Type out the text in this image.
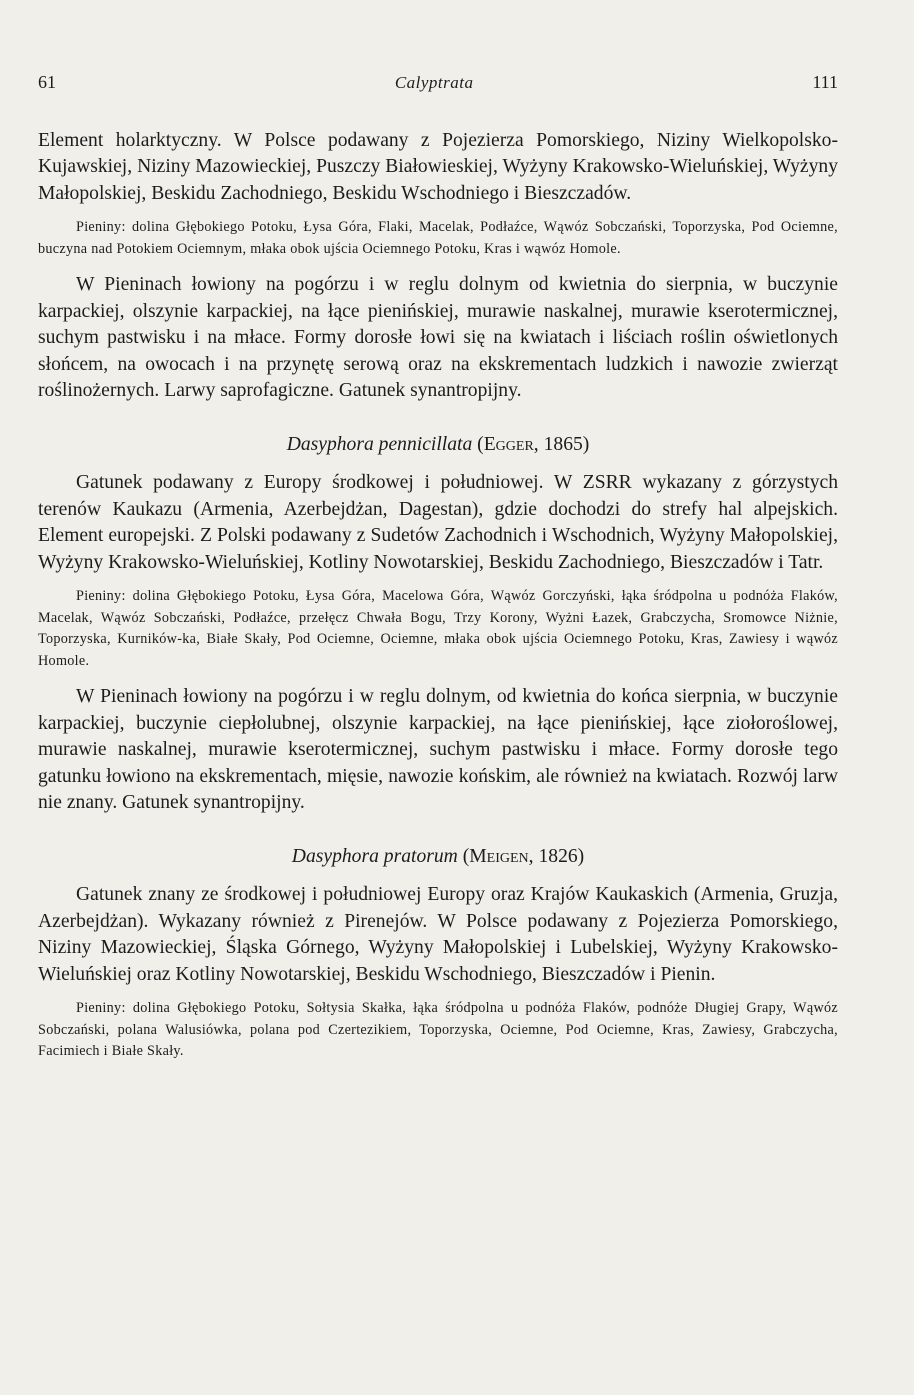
61	Calyptrata	111

Element holarktyczny. W Polsce podawany z Pojezierza Pomorskiego, Niziny Wielkopolsko-Kujawskiej, Niziny Mazowieckiej, Puszczy Białowieskiej, Wyżyny Krakowsko-Wieluńskiej, Wyżyny Małopolskiej, Beskidu Zachodniego, Beskidu Wschodniego i Bieszczadów.

Pieniny: dolina Głębokiego Potoku, Łysa Góra, Flaki, Macelak, Podłaźce, Wąwóz Sobczański, Toporzyska, Pod Ociemne, buczyna nad Potokiem Ociemnym, młaka obok ujścia Ociemnego Potoku, Kras i wąwóz Homole.

W Pieninach łowiony na pogórzu i w reglu dolnym od kwietnia do sierpnia, w buczynie karpackiej, olszynie karpackiej, na łące pienińskiej, murawie naskalnej, murawie kserotermicznej, suchym pastwisku i na młace. Formy dorosłe łowi się na kwiatach i liściach roślin oświetlonych słońcem, na owocach i na przynętę serową oraz na ekskrementach ludzkich i nawozie zwierząt roślinożernych. Larwy saprofagiczne. Gatunek synantropijny.

Dasyphora pennicillata (Egger, 1865)

Gatunek podawany z Europy środkowej i południowej. W ZSRR wykazany z górzystych terenów Kaukazu (Armenia, Azerbejdżan, Dagestan), gdzie dochodzi do strefy hal alpejskich. Element europejski. Z Polski podawany z Sudetów Zachodnich i Wschodnich, Wyżyny Małopolskiej, Wyżyny Krakowsko-Wieluńskiej, Kotliny Nowotarskiej, Beskidu Zachodniego, Bieszczadów i Tatr.

Pieniny: dolina Głębokiego Potoku, Łysa Góra, Macelowa Góra, Wąwóz Gorczyński, łąka śródpolna u podnóża Flaków, Macelak, Wąwóz Sobczański, Podłaźce, przełęcz Chwała Bogu, Trzy Korony, Wyżni Łazek, Grabczycha, Sromowce Niżnie, Toporzyska, Kurników-ka, Białe Skały, Pod Ociemne, Ociemne, młaka obok ujścia Ociemnego Potoku, Kras, Zawiesy i wąwóz Homole.

W Pieninach łowiony na pogórzu i w reglu dolnym, od kwietnia do końca sierpnia, w buczynie karpackiej, buczynie ciepłolubnej, olszynie karpackiej, na łące pienińskiej, łące ziołoroślowej, murawie naskalnej, murawie kserotermicznej, suchym pastwisku i młace. Formy dorosłe tego gatunku łowiono na ekskrementach, mięsie, nawozie końskim, ale również na kwiatach. Rozwój larw nie znany. Gatunek synantropijny.

Dasyphora pratorum (Meigen, 1826)

Gatunek znany ze środkowej i południowej Europy oraz Krajów Kaukaskich (Armenia, Gruzja, Azerbejdżan). Wykazany również z Pirenejów. W Polsce podawany z Pojezierza Pomorskiego, Niziny Mazowieckiej, Śląska Górnego, Wyżyny Małopolskiej i Lubelskiej, Wyżyny Krakowsko-Wieluńskiej oraz Kotliny Nowotarskiej, Beskidu Wschodniego, Bieszczadów i Pienin.

Pieniny: dolina Głębokiego Potoku, Sołtysia Skałka, łąka śródpolna u podnóża Flaków, podnóże Długiej Grapy, Wąwóz Sobczański, polana Walusiówka, polana pod Czertezikiem, Toporzyska, Ociemne, Pod Ociemne, Kras, Zawiesy, Grabczycha, Facimiech i Białe Skały.
